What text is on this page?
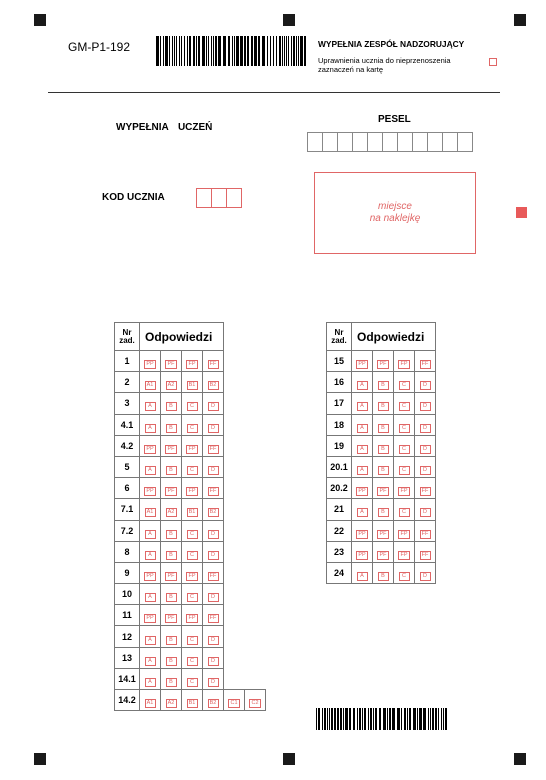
GM-P1-192	WYPEŁNIA ZESPÓŁ NADZORUJĄCY
Uprawnienia ucznia do nieprzenoszenia zaznaczeń na kartę
WYPEŁNIA  UCZEŃ
PESEL
KOD UCZNIA
miejsce
na naklejkę
Nr
zad.	Odpowiedzi					
1	PP	PF	FP	FF		
2	A1	A2	B1	B2		
3	A	B	C	D		
4.1	A	B	C	D		
4.2	PP	PF	FP	FF		
5	A	B	C	D		
6	PP	PF	FP	FF		
7.1	A1	A2	B1	B2		
7.2	A	B	C	D		
8	A	B	C	D		
9	PP	PF	FP	FF		
10	A	B	C	D		
11	PP	PF	FP	FF		
12	A	B	C	D		
13	A	B	C	D		
14.1	A	B	C	D		
14.2	A1	A2	B1	B2	C1	C2
Nr
zad.	Odpowiedzi			
15	PP	PF	FP	FF
16	A	B	C	D
17	A	B	C	D
18	A	B	C	D
19	A	B	C	D
20.1	A	B	C	D
20.2	PP	PF	FP	FF
21	A	B	C	D
22	PP	PF	FP	FF
23	PP	PF	FP	FF
24	A	B	C	D
